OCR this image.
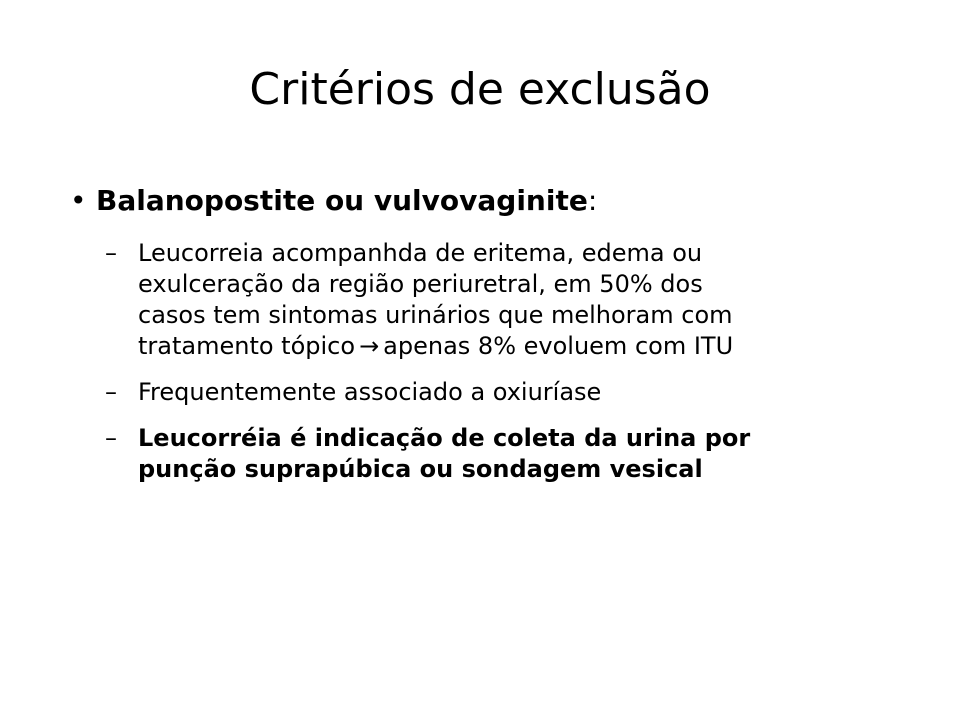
Critérios de exclusão
• Balanopostite ou vulvovaginite:
– Leucorreia acompanhda de eritema, edema ou
exulceração da região periuretral, em 50% dos
casos tem sintomas urinários que melhoram com
tratamento tópico → apenas 8% evoluem com ITU
– Frequentemente associado a oxiuríase
– Leucorréia é indicação de coleta da urina por
punção suprapúbica ou sondagem vesical
